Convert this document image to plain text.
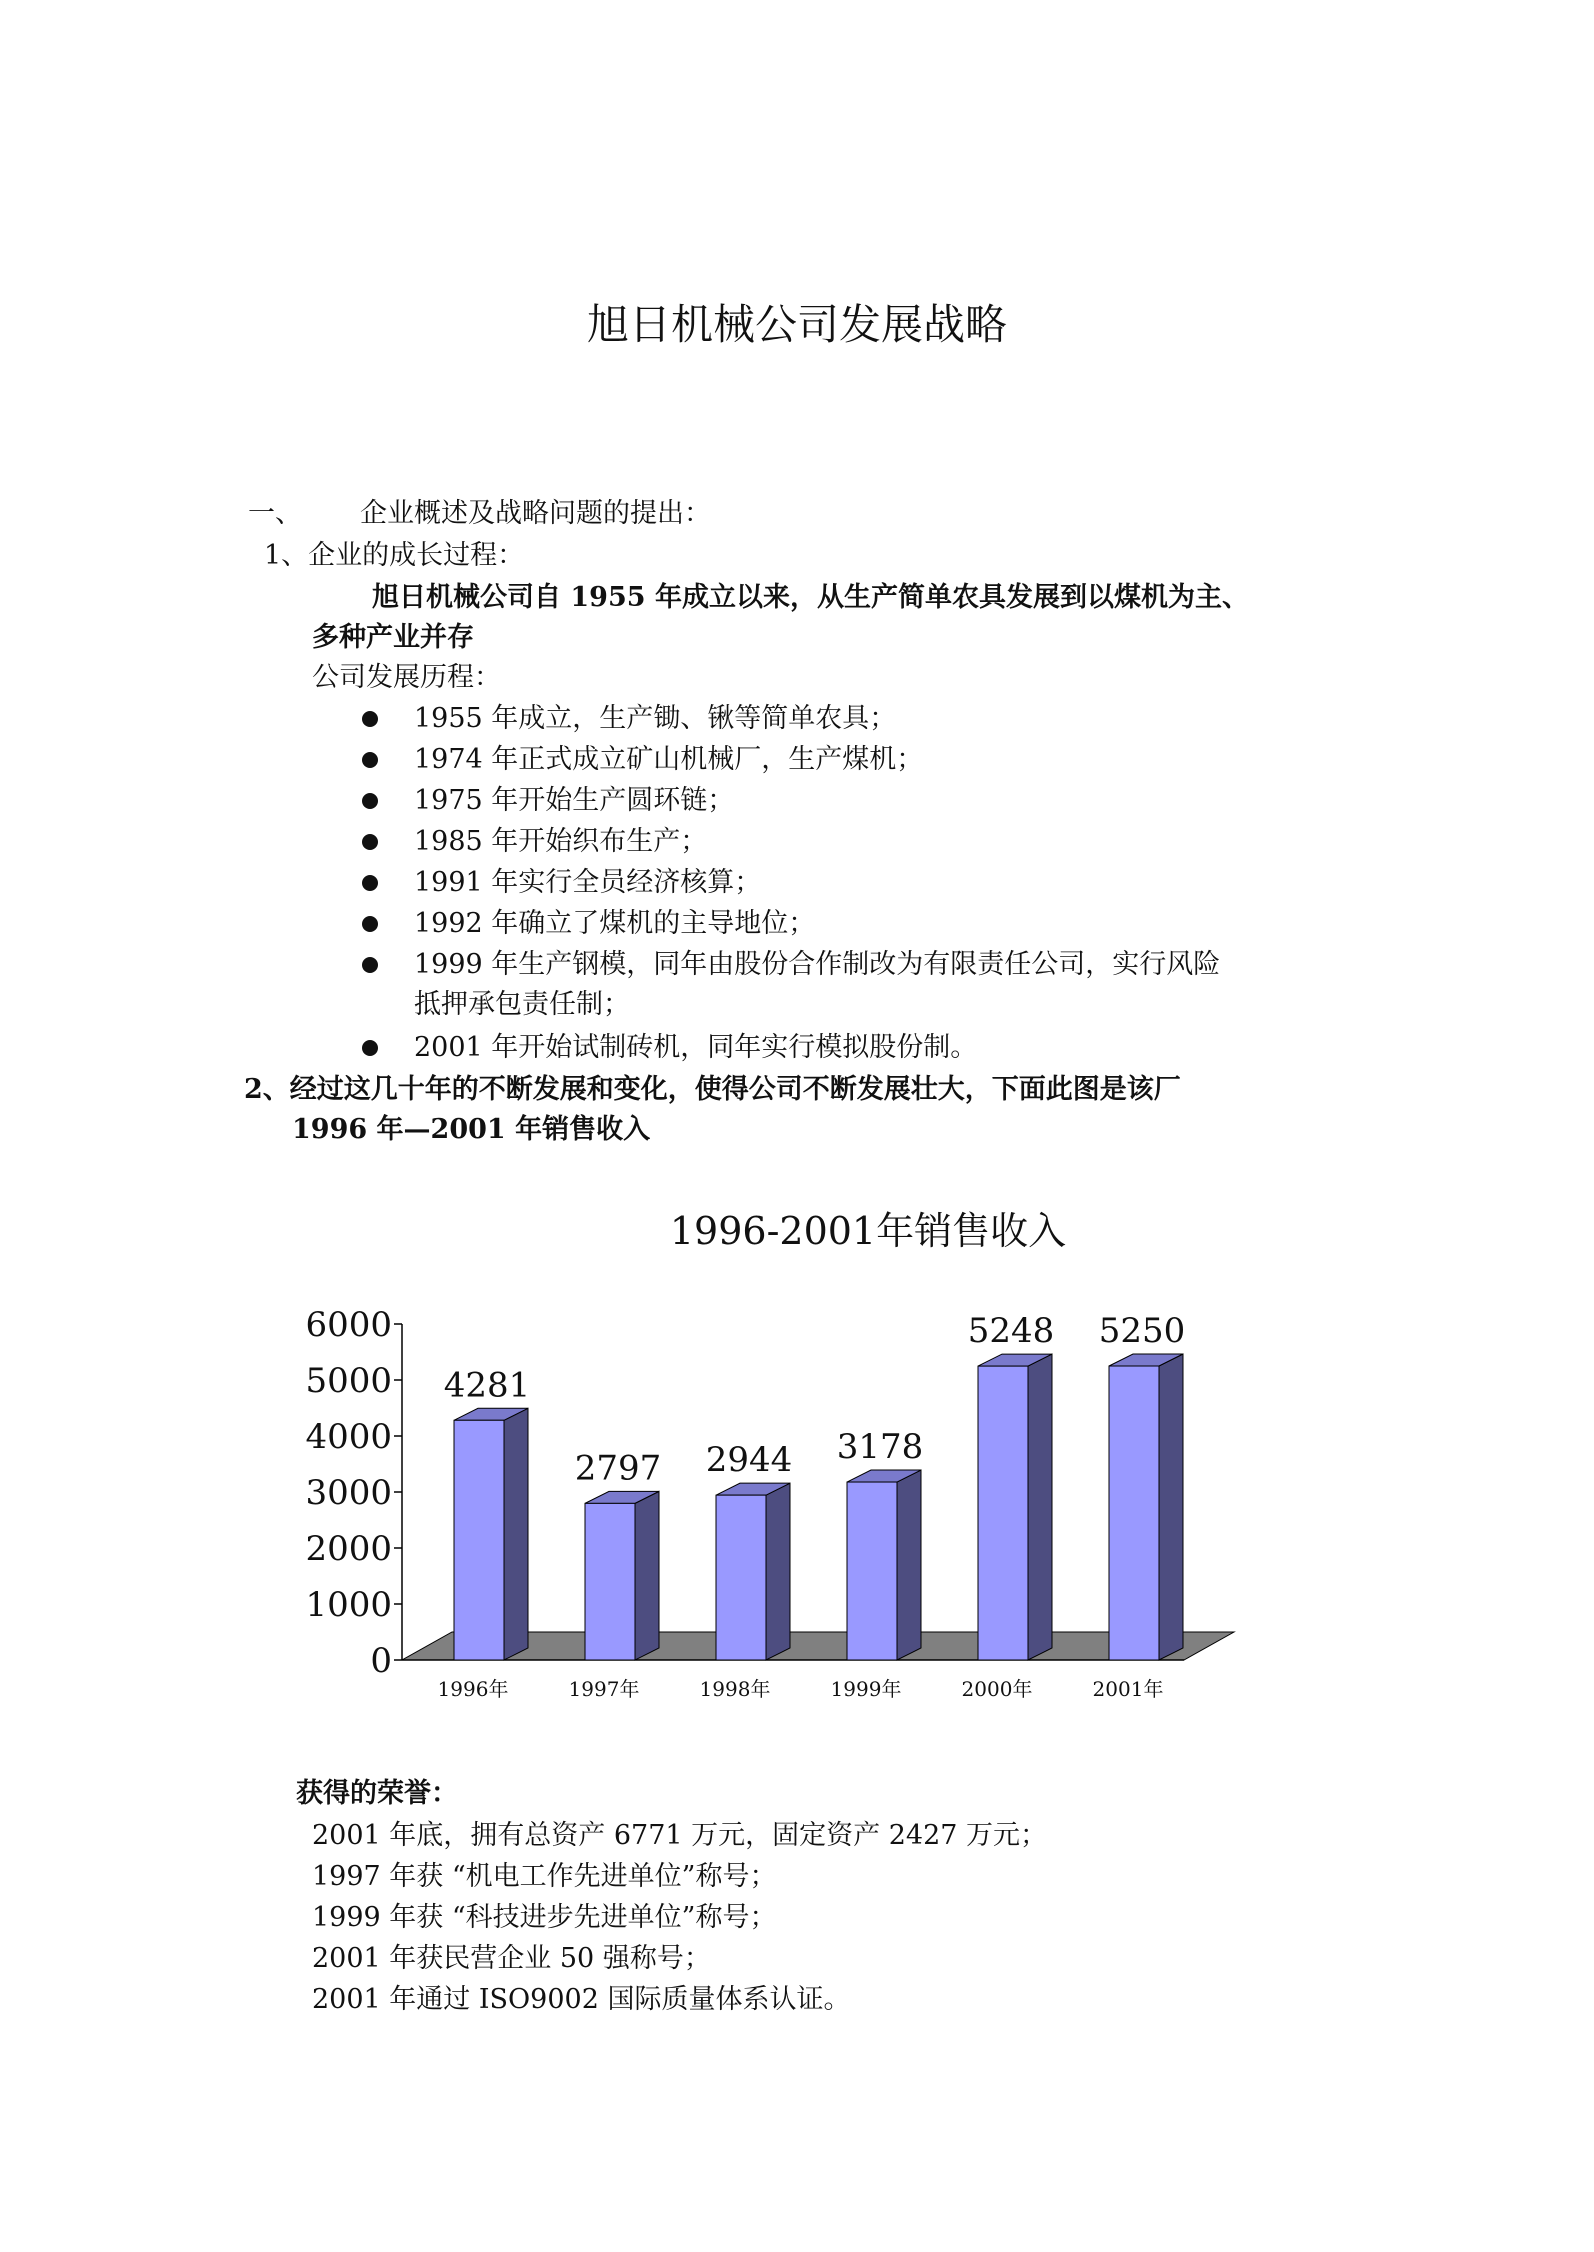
旭日机械公司发展战略
一、 企业概述及战略问题的提出：
1、企业的成长过程：
旭日机械公司自 1955 年成立以来，从生产简单农具发展到以煤机为主、
多种产业并存
公司发展历程：
1955 年成立，生产锄、锹等简单农具；
1974 年正式成立矿山机械厂，生产煤机；
1975 年开始生产圆环链；
1985 年开始织布生产；
1991 年实行全员经济核算；
1992 年确立了煤机的主导地位；
1999 年生产钢模，同年由股份合作制改为有限责任公司，实行风险
抵押承包责任制；
2001 年开始试制砖机，同年实行模拟股份制。
2、经过这几十年的不断发展和变化，使得公司不断发展壮大，下面此图是该厂
1996 年—2001 年销售收入
1996-2001年销售收入
0
1000
2000
3000
4000
5000
6000
4281
1996年
2797
1997年
2944
1998年
3178
1999年
5248
2000年
5250
2001年
获得的荣誉：
2001 年底，拥有总资产 6771 万元，固定资产 2427 万元；
1997 年获 “机电工作先进单位”称号；
1999 年获 “科技进步先进单位”称号；
2001 年获民营企业 50 强称号；
2001 年通过 ISO9002 国际质量体系认证。
